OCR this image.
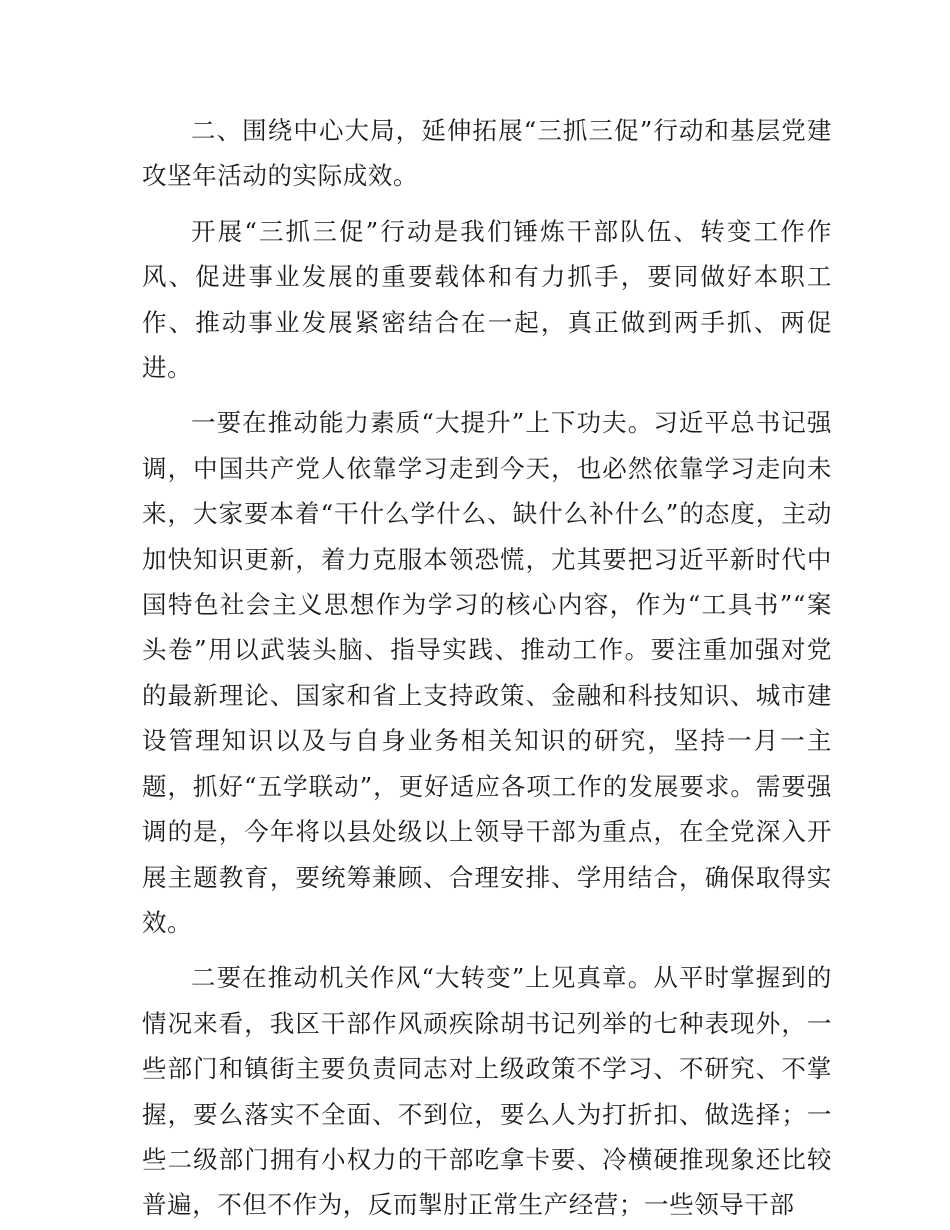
二、围绕中心大局，延伸拓展“三抓三促”行动和基层党建攻坚年活动的实际成效。

开展“三抓三促”行动是我们锤炼干部队伍、转变工作作风、促进事业发展的重要载体和有力抓手，要同做好本职工作、推动事业发展紧密结合在一起，真正做到两手抓、两促进。

一要在推动能力素质“大提升”上下功夫。习近平总书记强调，中国共产党人依靠学习走到今天，也必然依靠学习走向未来，大家要本着“干什么学什么、缺什么补什么”的态度，主动加快知识更新，着力克服本领恐慌，尤其要把习近平新时代中国特色社会主义思想作为学习的核心内容，作为“工具书”“案头卷”用以武装头脑、指导实践、推动工作。要注重加强对党的最新理论、国家和省上支持政策、金融和科技知识、城市建设管理知识以及与自身业务相关知识的研究，坚持一月一主题，抓好“五学联动”，更好适应各项工作的发展要求。需要强调的是，今年将以县处级以上领导干部为重点，在全党深入开展主题教育，要统筹兼顾、合理安排、学用结合，确保取得实效。

二要在推动机关作风“大转变”上见真章。从平时掌握到的情况来看，我区干部作风顽疾除胡书记列举的七种表现外，一些部门和镇街主要负责同志对上级政策不学习、不研究、不掌握，要么落实不全面、不到位，要么人为打折扣、做选择；一些二级部门拥有小权力的干部吃拿卡要、冷横硬推现象还比较普遍，不但不作为，反而掣肘正常生产经营；一些领导干部
